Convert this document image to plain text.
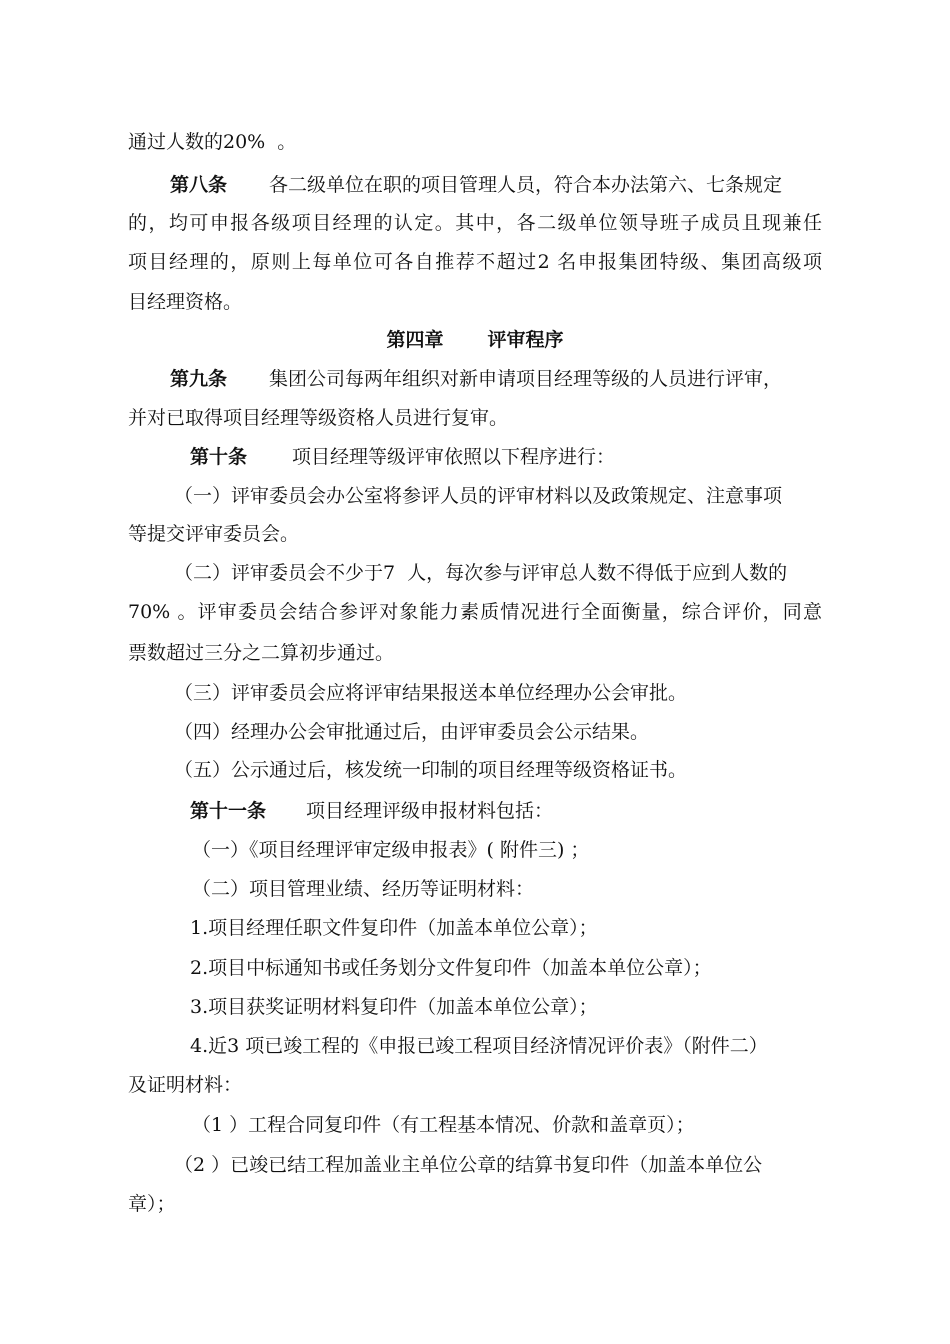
通过人数的20%  。
第八条 各二级单位在职的项目管理人员，符合本办法第六、七条规定
的，均可申报各级项目经理的认定。其中，各二级单位领导班子成员且现兼任
项目经理的，原则上每单位可各自推荐不超过2 名申报集团特级、集团高级项
目经理资格。
第四章 评审程序
第九条 集团公司每两年组织对新申请项目经理等级的人员进行评审，
并对已取得项目经理等级资格人员进行复审。
第十条 项目经理等级评审依照以下程序进行：
（一）评审委员会办公室将参评人员的评审材料以及政策规定、注意事项
等提交评审委员会。
（二）评审委员会不少于7  人，每次参与评审总人数不得低于应到人数的
70% 。评审委员会结合参评对象能力素质情况进行全面衡量，综合评价，同意
票数超过三分之二算初步通过。
（三）评审委员会应将评审结果报送本单位经理办公会审批。
（四）经理办公会审批通过后，由评审委员会公示结果。
（五）公示通过后，核发统一印制的项目经理等级资格证书。
第十一条 项目经理评级申报材料包括：
（一）《项目经理评审定级申报表》( 附件三) ；
（二）项目管理业绩、经历等证明材料：
1.项目经理任职文件复印件（加盖本单位公章）；
2.项目中标通知书或任务划分文件复印件（加盖本单位公章）；
3.项目获奖证明材料复印件（加盖本单位公章）；
4.近3 项已竣工程的《申报已竣工程项目经济情况评价表》（附件二）
及证明材料：
（1 ）工程合同复印件（有工程基本情况、价款和盖章页）；
（2 ）已竣已结工程加盖业主单位公章的结算书复印件（加盖本单位公
章）；
